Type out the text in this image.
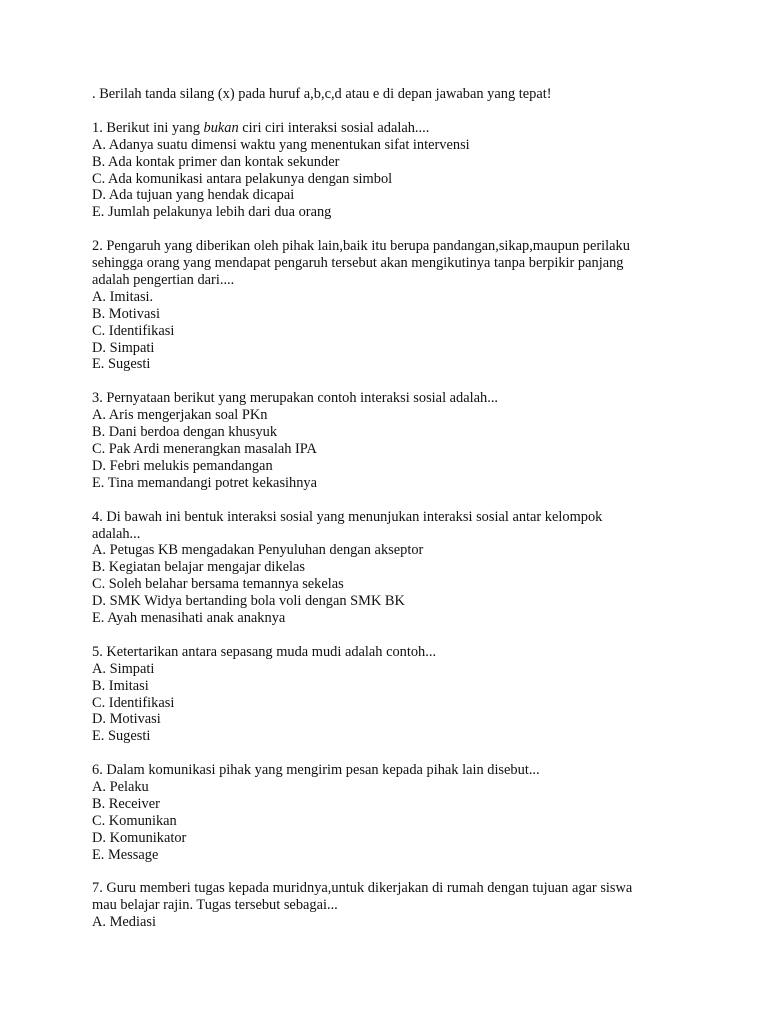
. Berilah tanda silang (x) pada huruf a,b,c,d atau e di depan jawaban yang tepat!

1. Berikut ini yang bukan ciri ciri interaksi sosial adalah....

A. Adanya suatu dimensi waktu yang menentukan sifat intervensi

B. Ada kontak primer dan kontak sekunder

C. Ada komunikasi antara pelakunya dengan simbol

D. Ada tujuan yang hendak dicapai

E. Jumlah pelakunya lebih dari dua orang

2. Pengaruh yang diberikan oleh pihak lain,baik itu berupa pandangan,sikap,maupun perilaku

sehingga orang yang mendapat pengaruh tersebut akan mengikutinya tanpa berpikir panjang

adalah pengertian dari....

A. Imitasi.

B. Motivasi

C. Identifikasi

D. Simpati

E. Sugesti

3. Pernyataan berikut yang merupakan contoh interaksi sosial adalah...

A. Aris mengerjakan soal PKn

B. Dani berdoa dengan khusyuk

C. Pak Ardi menerangkan masalah IPA

D. Febri melukis pemandangan

E. Tina memandangi potret kekasihnya

4. Di bawah ini bentuk interaksi sosial yang menunjukan interaksi sosial antar kelompok

adalah...

A. Petugas KB mengadakan Penyuluhan dengan akseptor

B. Kegiatan belajar mengajar dikelas

C. Soleh belahar bersama temannya sekelas

D. SMK Widya bertanding bola voli dengan SMK BK

E. Ayah menasihati anak anaknya

5. Ketertarikan antara sepasang muda mudi adalah contoh...

A. Simpati

B. Imitasi

C. Identifikasi

D. Motivasi

E. Sugesti

6. Dalam komunikasi pihak yang mengirim pesan kepada pihak lain disebut...

A. Pelaku

B. Receiver

C. Komunikan

D. Komunikator

E. Message

7. Guru memberi tugas kepada muridnya,untuk dikerjakan di rumah dengan tujuan agar siswa

mau belajar rajin. Tugas tersebut sebagai...

A. Mediasi
